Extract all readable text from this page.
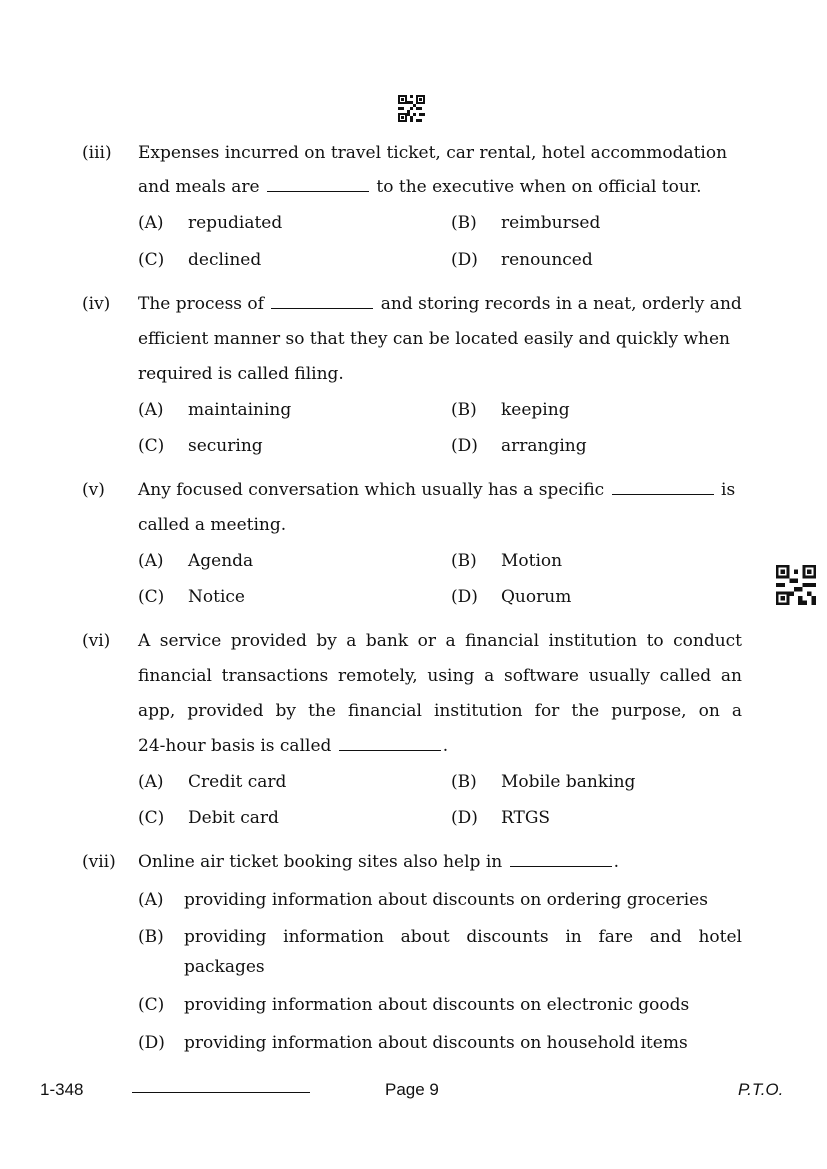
(iii) Expenses incurred on travel ticket, car rental, hotel accommodation
and meals are	to the executive when on official tour.
(A) repudiated	(B) reimbursed
(C) declined	(D) renounced
(iv) The process of	and storing records in a neat, orderly and
efficient manner so that they can be located easily and quickly when
required is called filing.
(A) maintaining	(B) keeping
(C) securing	(D) arranging
(v) Any focused conversation which usually has a specific	is
called a meeting.
(A) Agenda	(B) Motion
(C) Notice	(D) Quorum
(vi) A service provided by a bank or a financial institution to conduct
financial transactions remotely, using a software usually called an
app, provided by the financial institution for the purpose, on a
24-hour basis is called	.
(A) Credit card	(B) Mobile banking
(C) Debit card	(D) RTGS
(vii) Online air ticket booking sites also help in	.
(A) providing information about discounts on ordering groceries
(B) providing information about discounts in fare and hotel packages
(C) providing information about discounts on electronic goods
(D) providing information about discounts on household items
1-348	Page 9	P.T.O.
